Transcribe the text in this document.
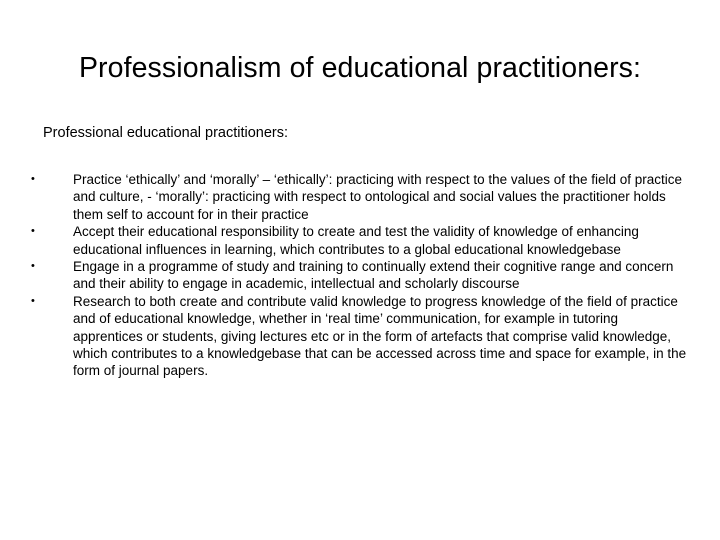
Professionalism of educational practitioners:
Professional educational practitioners:
•	Practice ‘ethically’ and ‘morally’ – ‘ethically’: practicing with respect to the values of the field of practice and culture, - ‘morally’: practicing with respect to ontological and social values the practitioner holds them self to account for in their practice
•	Accept their educational responsibility to create and test the validity of knowledge of enhancing educational influences in learning, which contributes to a global educational knowledgebase
•	Engage in a programme of study and training to continually extend their cognitive range and concern and their ability to engage in academic, intellectual and scholarly discourse
•	Research to both create and contribute valid knowledge to progress knowledge of the field of practice and of educational knowledge, whether in ‘real time’ communication, for example in tutoring apprentices or students, giving lectures etc or in the form of artefacts that comprise valid knowledge, which contributes to a knowledgebase that can be accessed across time and space for example, in the form of journal papers.
